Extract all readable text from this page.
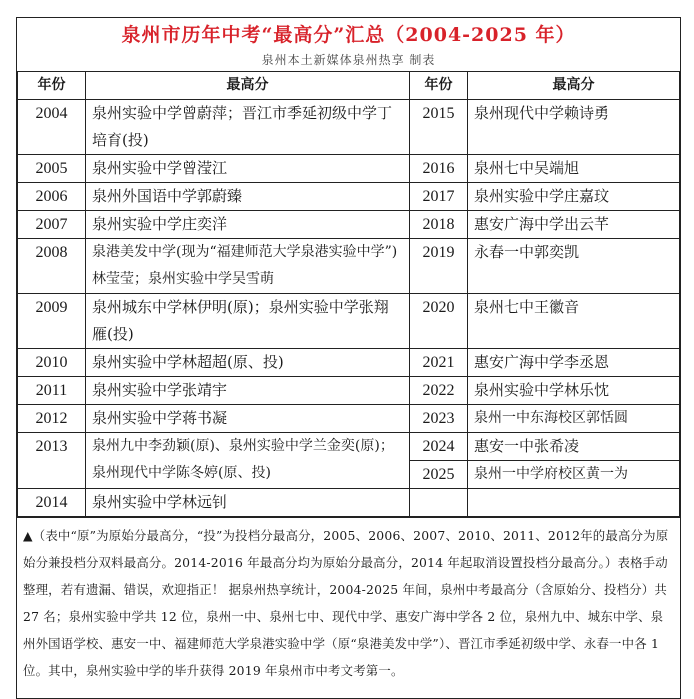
泉州市历年中考“最高分”汇总（2004-2025 年）
泉州本土新媒体泉州热享 制表
年份	最高分	年份	最高分
2004	泉州实验中学曾蔚萍；晋江市季延初级中学丁培育(投)	2015	泉州现代中学赖诗勇
2005	泉州实验中学曾滢江	2016	泉州七中吴端旭
2006	泉州外国语中学郭蔚臻	2017	泉州实验中学庄嘉玟
2007	泉州实验中学庄奕洋	2018	惠安广海中学出云芊
2008	泉港美发中学(现为“福建师范大学泉港实验中学”)林莹莹；泉州实验中学吴雪萌	2019	永春一中郭奕凯
2009	泉州城东中学林伊明(原)；泉州实验中学张翔雁(投)	2020	泉州七中王徽音
2010	泉州实验中学林超超(原、投)	2021	惠安广海中学李丞恩
2011	泉州实验中学张靖宇	2022	泉州实验中学林乐忱
2012	泉州实验中学蒋书凝	2023	泉州一中东海校区郭恬圆
2013	泉州九中李劲颖(原)、泉州实验中学兰金奕(原)；泉州现代中学陈冬婷(原、投)	2024	惠安一中张希凌
		2025	泉州一中学府校区黄一为
2014	泉州实验中学林远钊		
▲（表中“原”为原始分最高分，“投”为投档分最高分，2005、2006、2007、2010、2011、2012年的最高分为原始分兼投档分双料最高分。2014-2016 年最高分均为原始分最高分，2014 年起取消设置投档分最高分。）表格手动整理，若有遗漏、错误，欢迎指正！ 据泉州热享统计，2004-2025 年间，泉州中考最高分（含原始分、投档分）共 27 名；泉州实验中学共 12 位，泉州一中、泉州七中、现代中学、惠安广海中学各 2 位，泉州九中、城东中学、泉州外国语学校、惠安一中、福建师范大学泉港实验中学（原“泉港美发中学”）、晋江市季延初级中学、永春一中各 1 位。其中，泉州实验中学的毕升获得 2019 年泉州市中考文考第一。
